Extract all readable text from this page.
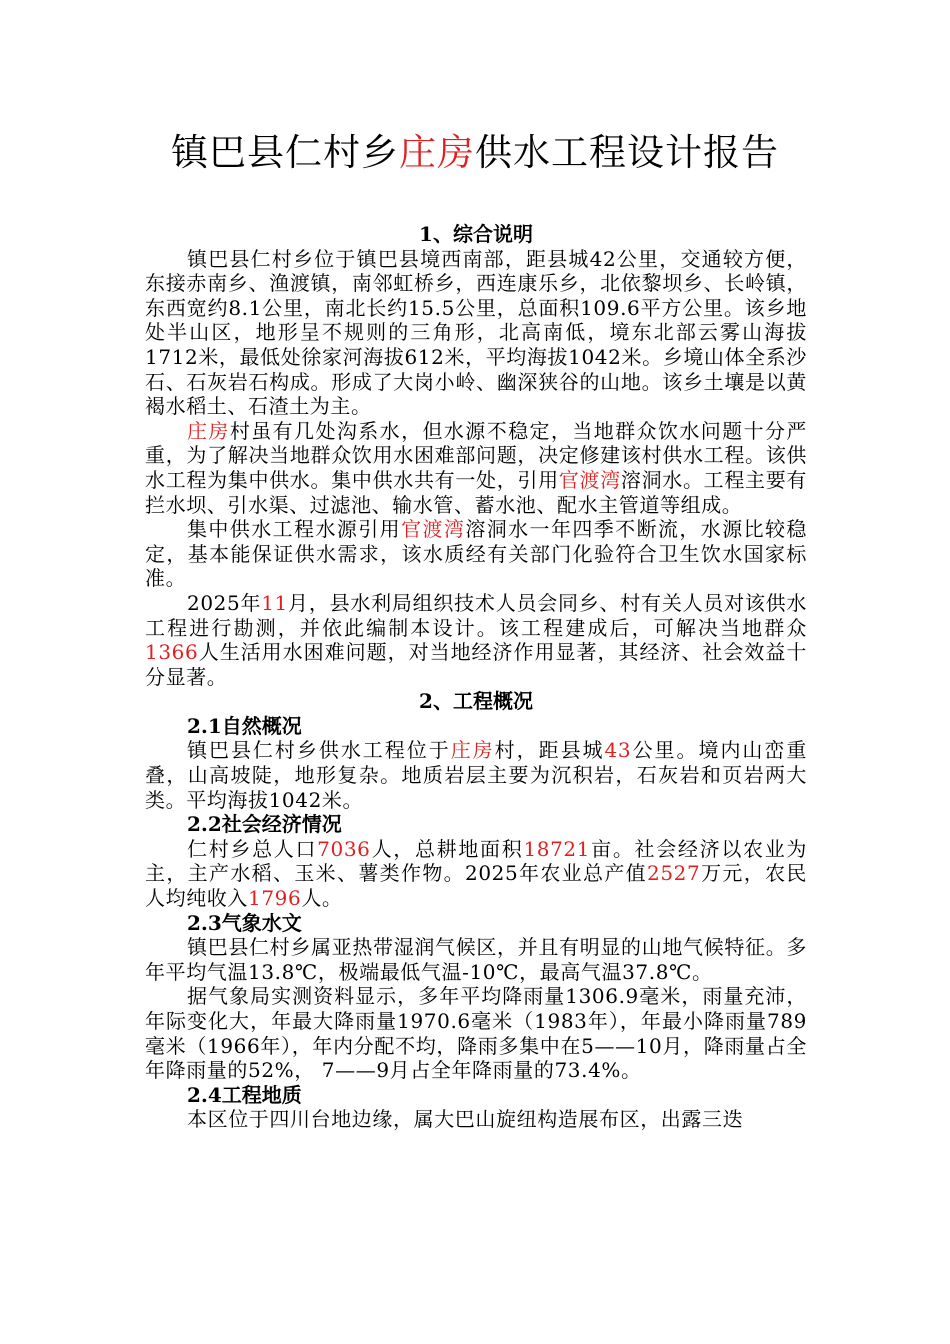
镇巴县仁村乡庄房供水工程设计报告

1、综合说明

镇巴县仁村乡位于镇巴县境西南部，距县城42公里，交通较方便，东接赤南乡、渔渡镇，南邻虹桥乡，西连康乐乡，北依黎坝乡、长岭镇，东西宽约8.1公里，南北长约15.5公里，总面积109.6平方公里。该乡地处半山区，地形呈不规则的三角形，北高南低，境东北部云雾山海拔1712米，最低处徐家河海拔612米，平均海拔1042米。乡境山体全系沙石、石灰岩石构成。形成了大岗小岭、幽深狭谷的山地。该乡土壤是以黄褐水稻土、石渣土为主。

庄房村虽有几处沟系水，但水源不稳定，当地群众饮水问题十分严重，为了解决当地群众饮用水困难部问题，决定修建该村供水工程。该供水工程为集中供水。集中供水共有一处，引用官渡湾溶洞水。工程主要有拦水坝、引水渠、过滤池、输水管、蓄水池、配水主管道等组成。

集中供水工程水源引用官渡湾溶洞水一年四季不断流，水源比较稳定，基本能保证供水需求，该水质经有关部门化验符合卫生饮水国家标准。

2025年11月，县水利局组织技术人员会同乡、村有关人员对该供水工程进行勘测，并依此编制本设计。该工程建成后，可解决当地群众1366人生活用水困难问题，对当地经济作用显著，其经济、社会效益十分显著。

2、工程概况

2.1自然概况

镇巴县仁村乡供水工程位于庄房村，距县城43公里。境内山峦重叠，山高坡陡，地形复杂。地质岩层主要为沉积岩，石灰岩和页岩两大类。平均海拔1042米。

2.2社会经济情况

仁村乡总人口7036人，总耕地面积18721亩。社会经济以农业为主，主产水稻、玉米、薯类作物。2025年农业总产值2527万元，农民人均纯收入1796人。

2.3气象水文

镇巴县仁村乡属亚热带湿润气候区，并且有明显的山地气候特征。多年平均气温13.8℃，极端最低气温-10℃，最高气温37.8℃。

据气象局实测资料显示，多年平均降雨量1306.9毫米，雨量充沛，年际变化大，年最大降雨量1970.6毫米（1983年），年最小降雨量789毫米（1966年），年内分配不均，降雨多集中在5——10月，降雨量占全年降雨量的52%， 7——9月占全年降雨量的73.4%。

2.4工程地质

本区位于四川台地边缘，属大巴山旋纽构造展布区，出露三迭
